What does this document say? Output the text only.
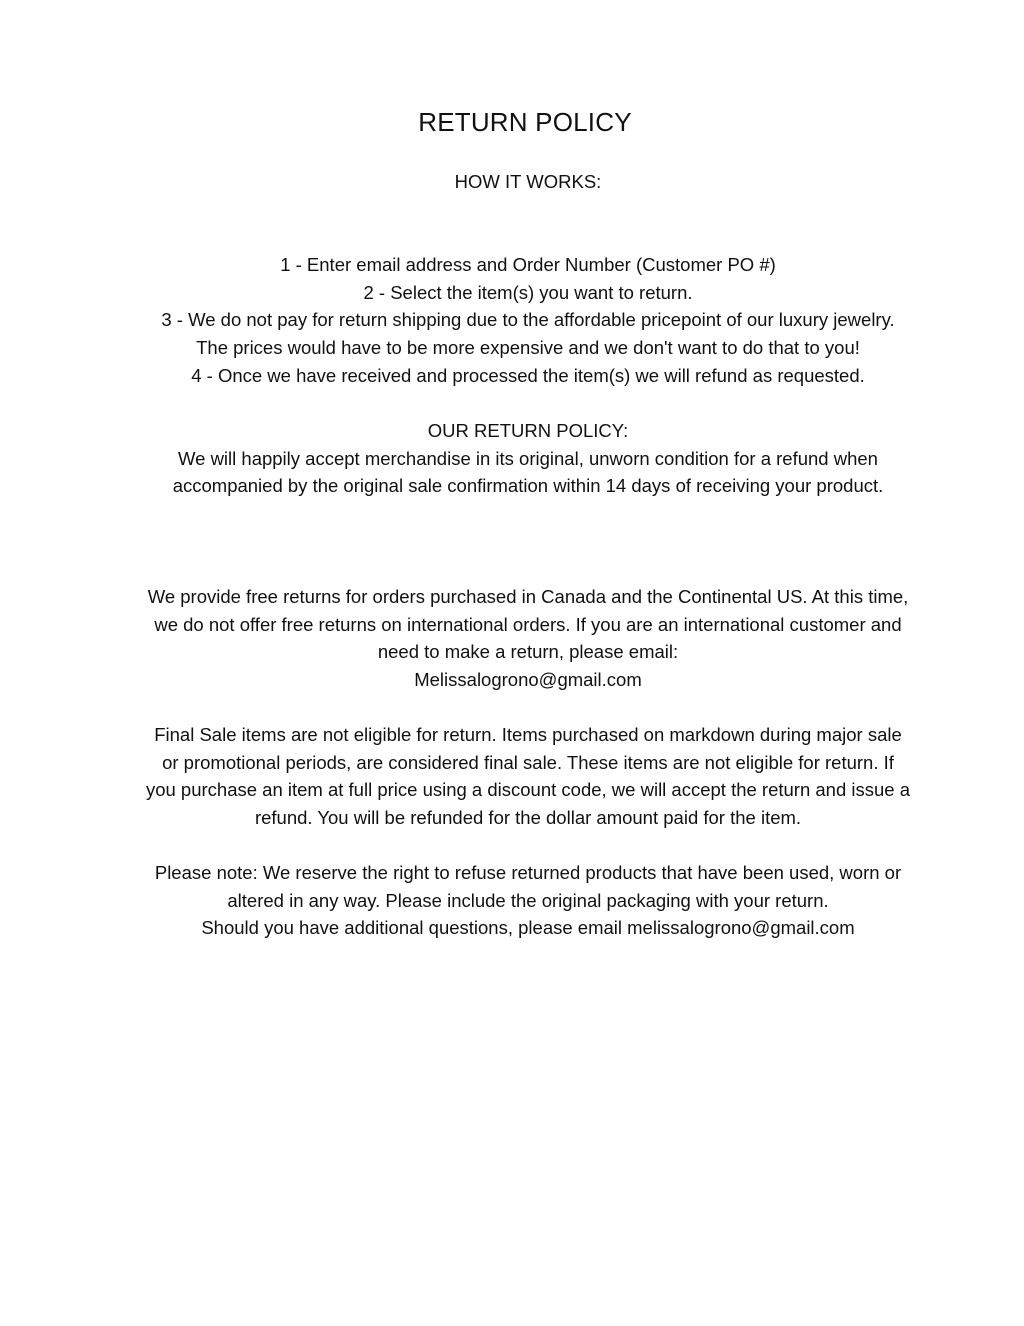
RETURN POLICY
HOW IT WORKS:
1 - Enter email address and Order Number (Customer PO #)
2 - Select the item(s) you want to return.
3 - We do not pay for return shipping due to the affordable pricepoint of our luxury jewelry.
The prices would have to be more expensive and we don't want to do that to you!
4 - Once we have received and processed the item(s) we will refund as requested.
OUR RETURN POLICY:
We will happily accept merchandise in its original, unworn condition for a refund when
accompanied by the original sale confirmation within 14 days of receiving your product.
We provide free returns for orders purchased in Canada and the Continental US. At this time,
we do not offer free returns on international orders. If you are an international customer and
need to make a return, please email:
Melissalogrono@gmail.com
Final Sale items are not eligible for return. Items purchased on markdown during major sale
or promotional periods, are considered final sale. These items are not eligible for return. If
you purchase an item at full price using a discount code, we will accept the return and issue a
refund. You will be refunded for the dollar amount paid for the item.
Please note: We reserve the right to refuse returned products that have been used, worn or
altered in any way. Please include the original packaging with your return.
Should you have additional questions, please email melissalogrono@gmail.com
